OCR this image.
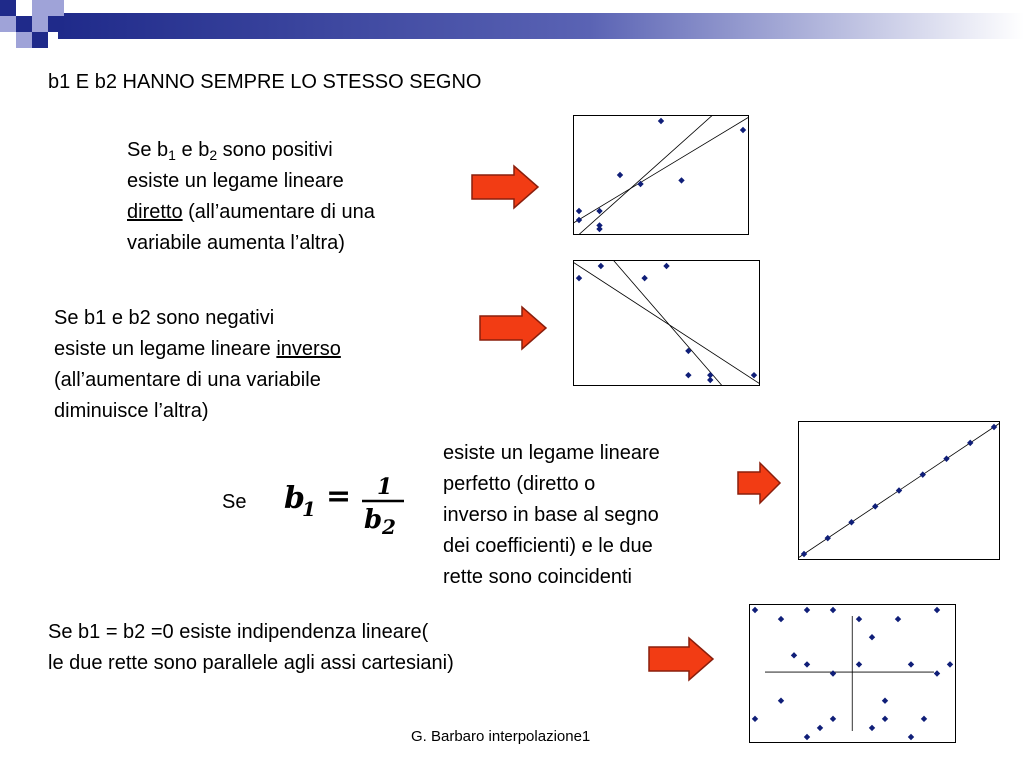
b1 E b2 HANNO SEMPRE LO STESSO SEGNO
Se $b_1$ e $b_2$ sono positivi
esiste un legame lineare
diretto (all’aumentare di una
variabile aumenta l’altra)
Se b1 e b2 sono negativi
esiste un legame lineare inverso
(all’aumentare di una variabile
diminuisce l’altra)
Se b
1 = 1
b 2
esiste un legame lineare
perfetto (diretto o
inverso in base al segno
dei coefficienti) e le due
rette sono coincidenti
Se b1 = b2 =0 esiste indipendenza lineare(
le due rette sono parallele agli assi cartesiani)
G. Barbaro interpolazione1
